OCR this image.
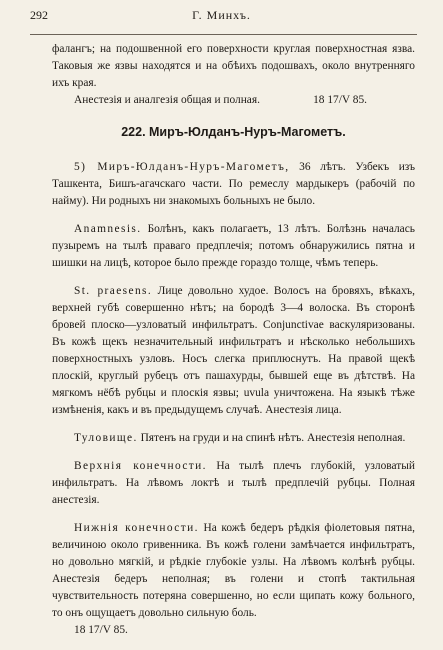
292	Г. Минхъ.

фалангъ; на подошвенной его поверхности круглая поверхностная язва. Таковыя же язвы находятся и на обѣихъ подошвахъ, около внутренняго ихъ края.

Анестезія и аналгезія общая и полная.	18 17/V 85.
222. Миръ-Юлданъ-Нуръ-Магометъ.

5) Миръ-Юлданъ-Нуръ-Магометъ, 36 лѣтъ. Узбекъ изъ Ташкента, Бишъ-агачскаго части. По ремеслу мардыкеръ (рабочій по найму). Ни родныхъ ни знакомыхъ больныхъ не было.

Anamnesis. Болѣнъ, какъ полагаетъ, 13 лѣтъ. Болѣзнь началась пузыремъ на тылѣ праваго предплечія; потомъ обнаружились пятна и шишки на лицѣ, которое было прежде гораздо толще, чѣмъ теперь.

St. praesens. Лице довольно худое. Волосъ на бровяхъ, вѣкахъ, верхней губѣ совершенно нѣтъ; на бородѣ 3—4 волоска. Въ сторонѣ бровей плоско—узловатый инфильтратъ. Conjunctivae васкуляризованы. Въ кожѣ щекъ незначительный инфильтратъ и нѣсколько небольшихъ поверхностныхъ узловъ. Носъ слегка приплюснутъ. На правой щекѣ плоскій, круглый рубецъ отъ пашахурды, бывшей еще въ дѣтствѣ. На мягкомъ нёбѣ рубцы и плоскія язвы; uvula уничтожена. На языкѣ тѣже измѣненія, какъ и въ предыдущемъ случаѣ. Анестезія лица.

Туловище. Пятенъ на груди и на спинѣ нѣтъ. Анестезія неполная.

Верхнія конечности. На тылѣ плечъ глубокій, узловатый инфильтратъ. На лѣвомъ локтѣ и тылѣ предплечій рубцы. Полная анестезія.

Нижнія конечности. На кожѣ бедеръ рѣдкія фіолетовыя пятна, величиною около гривенника. Въ кожѣ голени замѣчается инфильтратъ, но довольно мягкій, и рѣдкіе глубокіе узлы. На лѣвомъ колѣнѣ рубцы. Анестезія бедеръ неполная; въ голени и стопѣ тактильная чувствительность потеряна совершенно, но если щипать кожу больного, то онъ ощущаетъ довольно сильную боль.

18 17/V 85.
